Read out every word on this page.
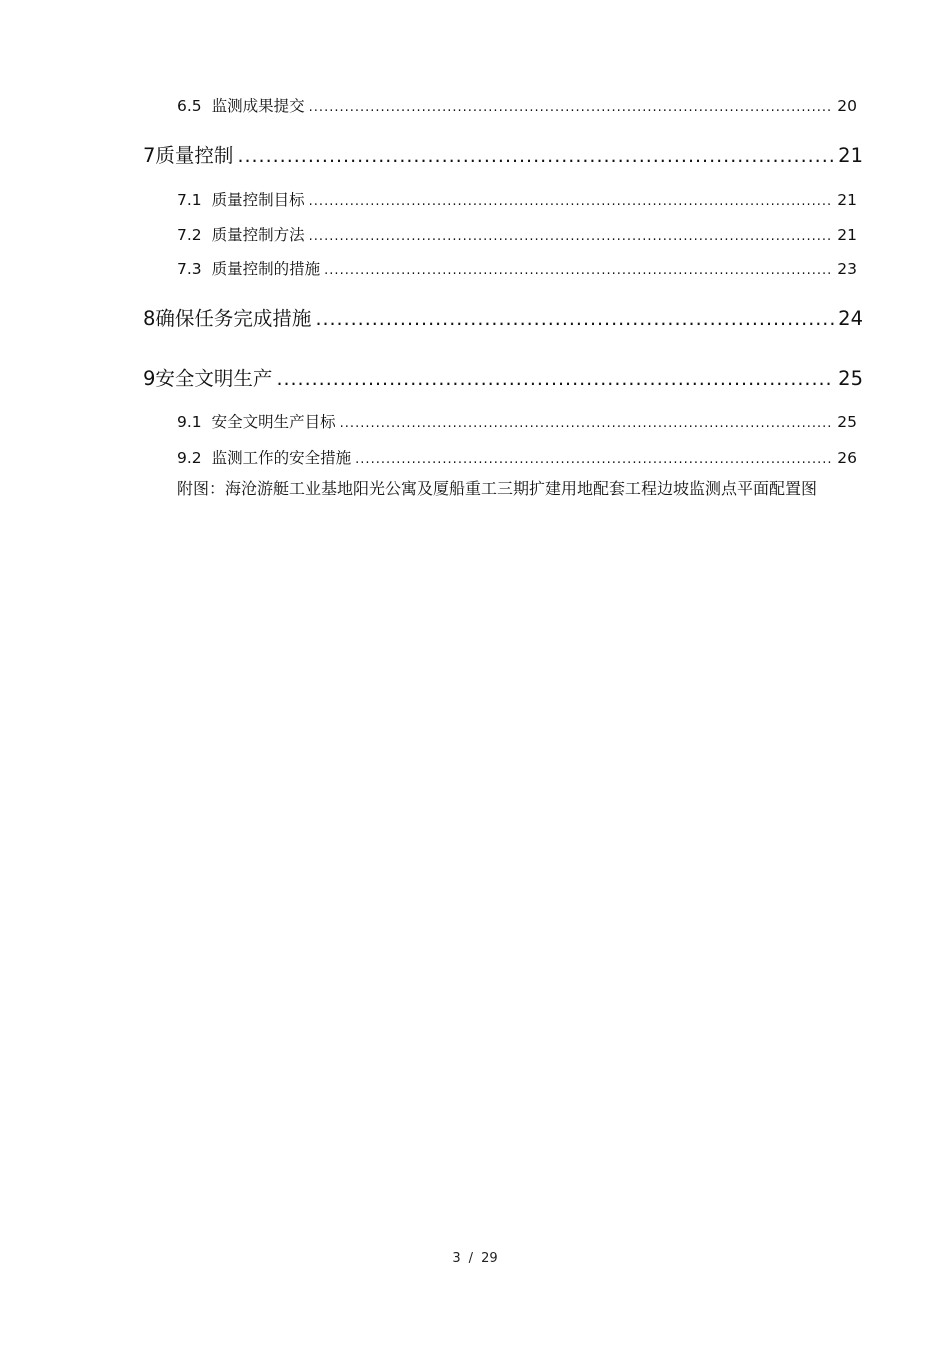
6.5 监测成果提交 .....	20
7 质量控制 .....	21
7.1 质量控制目标 .....	21
7.2 质量控制方法 .....	21
7.3 质量控制的措施 .....	23
8 确保任务完成措施 .....	24
9 安全文明生产 .....	25
9.1 安全文明生产目标 .....	25
9.2 监测工作的安全措施 .....	26
附图：海沧游艇工业基地阳光公寓及厦船重工三期扩建用地配套工程边坡监测点平面配置图
3 / 29
